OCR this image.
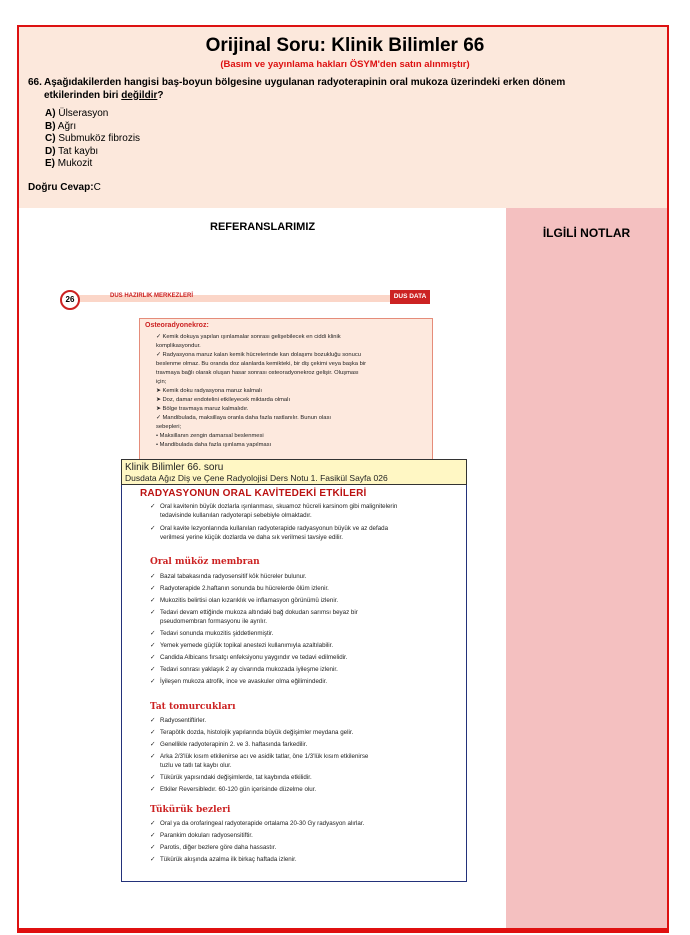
Orijinal Soru: Klinik Bilimler 66
(Basım ve yayınlama hakları ÖSYM'den satın alınmıştır)
66. Aşağıdakilerden hangisi baş-boyun bölgesine uygulanan radyoterapinin oral mukoza üzerindeki erken dönem
etkilerinden biri değildir?
A) Ülserasyon
B) Ağrı
C) Submuköz fibrozis
D) Tat kaybı
E) Mukozit
Doğru Cevap:C
REFERANSLARIMIZ	İLGİLİ NOTLAR
26	DUS HAZIRLIK MERKEZLERİ	DUS DATA
Osteoradyonekroz:
✓ Kemik dokuya yapılan ışınlamalar sonrası gelişebilecek en ciddi klinik
komplikasyondur.
✓ Radyasyona maruz kalan kemik hücrelerinde kan dolaşımı bozukluğu sonucu
beslenme olmaz. Bu oranda doz alanlarda kemikteki, bir diş çekimi veya başka bir
travmaya bağlı olarak oluşan hasar sonrası osteoradyonekroz gelişir. Oluşması
için;
➤ Kemik doku radyasyona maruz kalmalı
➤ Doz, damar endotelini etkileyecek miktarda olmalı
➤ Bölge travmaya maruz kalmalıdır.
✓ Mandibulada, maksillaya oranla daha fazla rastlanılır. Bunun olası
sebepleri;
• Maksillanın zengin damarsal beslenmesi
• Mandibulada daha fazla ışınlama yapılması
RADYASYONUN ORAL KAVİTEDEKİ ETKİLERİ
✓ Oral kavitenin büyük dozlarla ışınlanması, skuamoz hücreli karsinom gibi malignitelerin
tedavisinde kullanılan radyoterapi sebebiyle olmaktadır.
✓ Oral kavite lezyonlarında kullanılan radyoterapide radyasyonun büyük ve az defada
verilmesi yerine küçük dozlarda ve daha sık verilmesi tavsiye edilir.
Oral müköz membran
✓ Bazal tabakasında radyosensitif kök hücreler bulunur.
✓ Radyoterapide 2.haftanın sonunda bu hücrelerde ölüm izlenir.
✓ Mukozitis belirtisi olan kızarıklık ve inflamasyon görünümü izlenir.
✓ Tedavi devam ettiğinde mukoza altındaki bağ dokudan sarımsı beyaz bir
pseudomembran formasyonu ile ayrılır.
✓ Tedavi sonunda mukozitis şiddetlenmiştir.
✓ Yemek yemede güçlük topikal anestezi kullanımıyla azaltılabilir.
✓ Candida Albicans fırsatçı enfeksiyonu yaygındır ve tedavi edilmelidir.
✓ Tedavi sonrası yaklaşık 2 ay civarında mukozada iyileşme izlenir.
✓ İyileşen mukoza atrofik, ince ve avaskuler olma eğilimindedir.
Tat tomurcukları
✓ Radyosentiftirler.
✓ Terapötik dozda, histolojik yapılarında büyük değişimler meydana gelir.
✓ Genellikle radyoterapinin 2. ve 3. haftasında farkedilir.
✓ Arka 2/3'lük kısım etkilenirse acı ve asidik tatlar, öne 1/3'lük kısım etkilenirse
tuzlu ve tatlı tat kaybı olur.
✓ Tükürük yapısındaki değişimlerde, tat kaybında etkilidir.
✓ Etkiler Reversibledır. 60-120 gün içerisinde düzelme olur.
Tükürük bezleri
✓ Oral ya da orofaringeal radyoterapide ortalama 20-30 Gy radyasyon alırlar.
✓ Parankim dokuları radyosensitiftir.
✓ Parotis, diğer bezlere göre daha hassastır.
✓ Tükürük akışında azalma ilk birkaç haftada izlenir.
Klinik Bilimler 66. soru
Dusdata Ağız Diş ve Çene Radyolojisi Ders Notu 1. Fasikül Sayfa 026
